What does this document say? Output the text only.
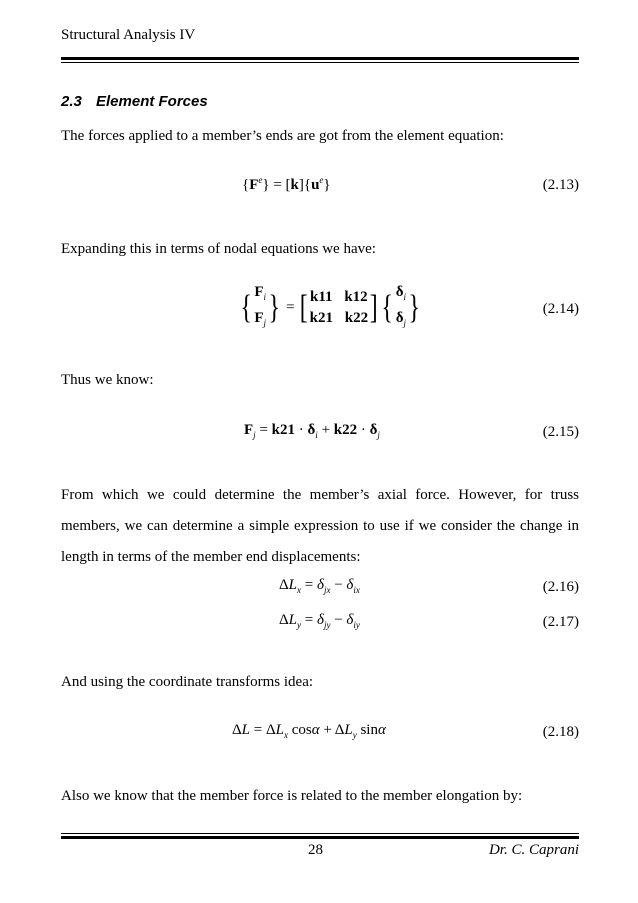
Structural Analysis IV
2.3 Element Forces
The forces applied to a member’s ends are got from the element equation:
$\{F^e\} = [k]\{u^e\}$	(2.13)
Expanding this in terms of nodal equations we have:
{ $F_i$
$F_j$} = [ k11 k12
k21 k22] { $\delta_i$
$\delta_j$}	(2.14)
Thus we know:
$F_j = k21 \cdot \delta_i + k22 \cdot \delta_j$	(2.15)
From which we could determine the member’s axial force. However, for truss members, we can determine a simple expression to use if we consider the change in length in terms of the member end displacements:
$\Delta L_x = \delta_{jx} - \delta_{ix}$	(2.16)
$\Delta L_y = \delta_{jy} - \delta_{iy}$	(2.17)
And using the coordinate transforms idea:
$\Delta L = \Delta L_x$ $\cos\alpha + \Delta L_y$ sinα	(2.18)
Also we know that the member force is related to the member elongation by:
28	Dr. C. Caprani
